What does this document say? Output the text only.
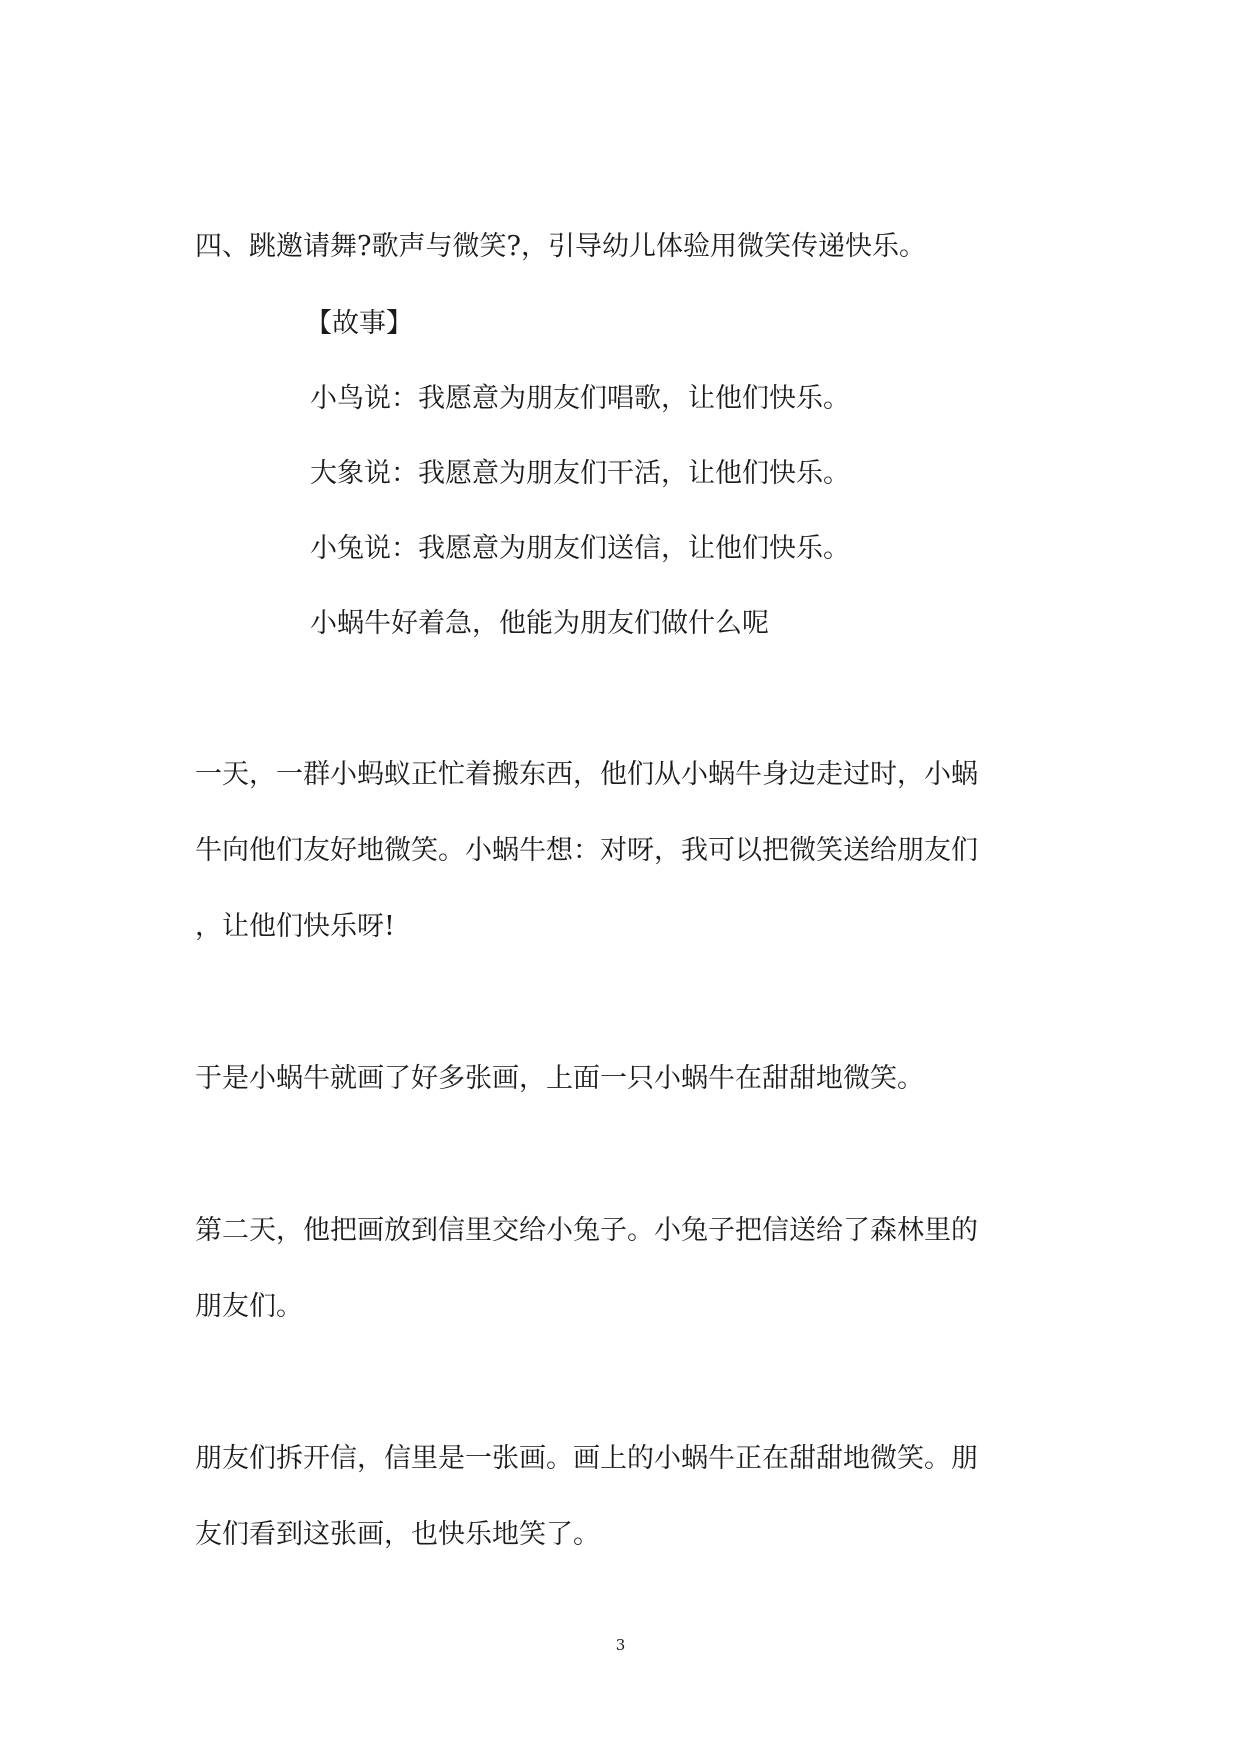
四、跳邀请舞?歌声与微笑?，引导幼儿体验用微笑传递快乐。

【故事】

小鸟说：我愿意为朋友们唱歌，让他们快乐。

大象说：我愿意为朋友们干活，让他们快乐。

小兔说：我愿意为朋友们送信，让他们快乐。

小蜗牛好着急，他能为朋友们做什么呢

一天，一群小蚂蚁正忙着搬东西，他们从小蜗牛身边走过时，小蜗

牛向他们友好地微笑。小蜗牛想：对呀，我可以把微笑送给朋友们

，让他们快乐呀!

于是小蜗牛就画了好多张画，上面一只小蜗牛在甜甜地微笑。

第二天，他把画放到信里交给小兔子。小兔子把信送给了森林里的

朋友们。

朋友们拆开信，信里是一张画。画上的小蜗牛正在甜甜地微笑。朋

友们看到这张画，也快乐地笑了。

3
